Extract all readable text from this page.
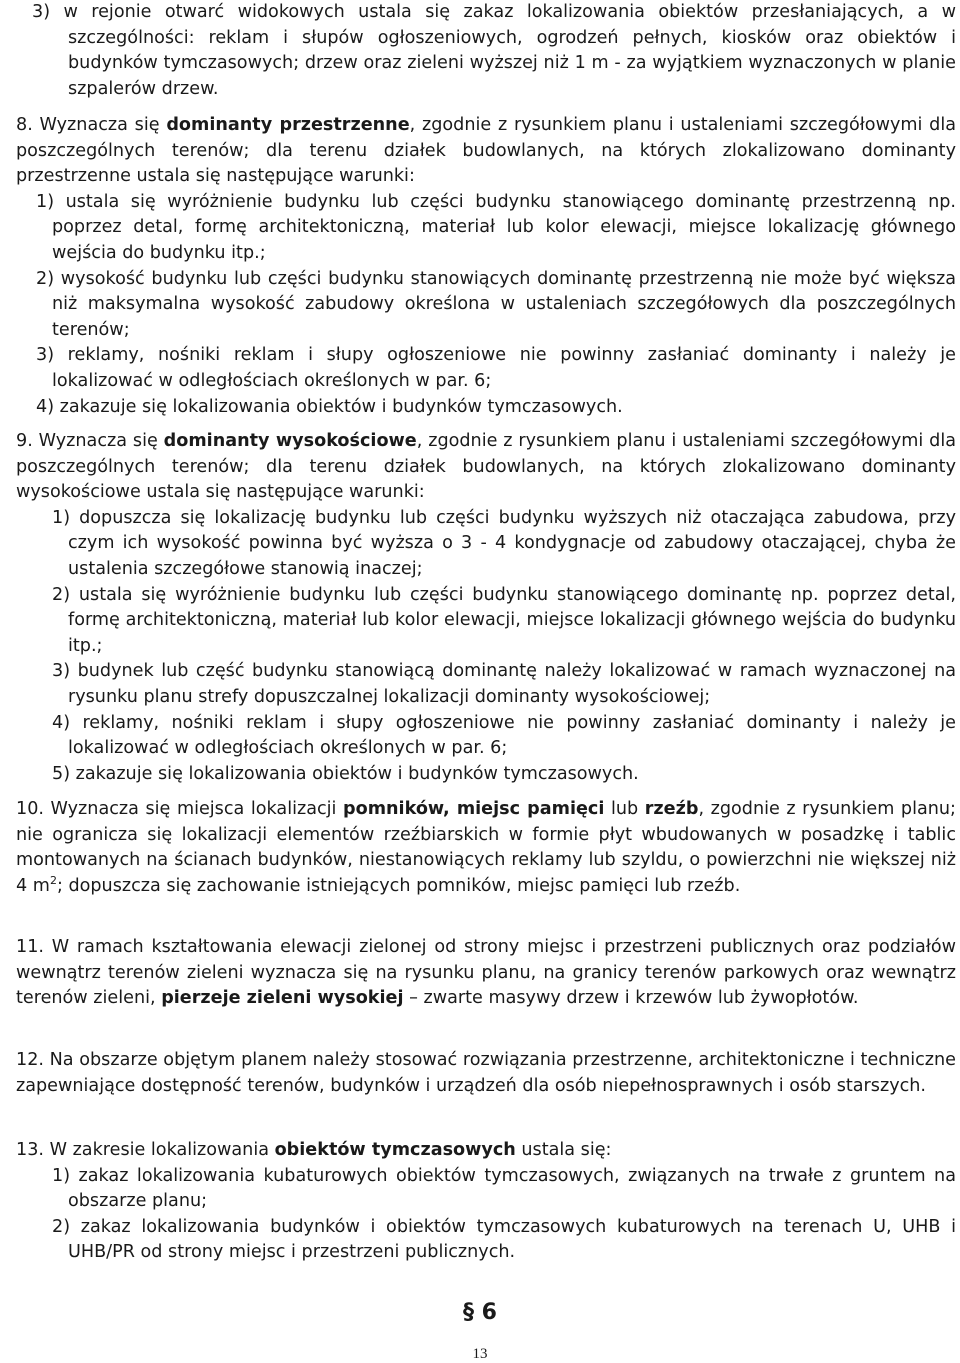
3) w rejonie otwarć widokowych ustala się zakaz lokalizowania obiektów przesłaniających, a w szczególności: reklam i słupów ogłoszeniowych, ogrodzeń pełnych, kiosków oraz obiektów i budynków tymczasowych; drzew oraz zieleni wyższej niż 1 m - za wyjątkiem wyznaczonych w planie szpalerów drzew.
8. Wyznacza się dominanty przestrzenne, zgodnie z rysunkiem planu i ustaleniami szczegółowymi dla poszczególnych terenów; dla terenu działek budowlanych, na których zlokalizowano dominanty przestrzenne ustala się następujące warunki:
1) ustala się wyróżnienie budynku lub części budynku stanowiącego dominantę przestrzenną np. poprzez detal, formę architektoniczną, materiał lub kolor elewacji, miejsce lokalizację głównego wejścia do budynku itp.;
2) wysokość budynku lub części budynku stanowiących dominantę przestrzenną nie może być większa niż maksymalna wysokość zabudowy określona w ustaleniach szczegółowych dla poszczególnych terenów;
3) reklamy, nośniki reklam i słupy ogłoszeniowe nie powinny zasłaniać dominanty i należy je lokalizować w odległościach określonych w par. 6;
4) zakazuje się lokalizowania obiektów i budynków tymczasowych.
9. Wyznacza się dominanty wysokościowe, zgodnie z rysunkiem planu i ustaleniami szczegółowymi dla poszczególnych terenów; dla terenu działek budowlanych, na których zlokalizowano dominanty wysokościowe ustala się następujące warunki:
1) dopuszcza się lokalizację budynku lub części budynku wyższych niż otaczająca zabudowa, przy czym ich wysokość powinna być wyższa o 3 - 4 kondygnacje od zabudowy otaczającej, chyba że ustalenia szczegółowe stanowią inaczej;
2) ustala się wyróżnienie budynku lub części budynku stanowiącego dominantę np. poprzez detal, formę architektoniczną, materiał lub kolor elewacji, miejsce lokalizacji głównego wejścia do budynku itp.;
3) budynek lub część budynku stanowiącą dominantę należy lokalizować w ramach wyznaczonej na rysunku planu strefy dopuszczalnej lokalizacji dominanty wysokościowej;
4) reklamy, nośniki reklam i słupy ogłoszeniowe nie powinny zasłaniać dominanty i należy je lokalizować w odległościach określonych w par. 6;
5) zakazuje się lokalizowania obiektów i budynków tymczasowych.
10. Wyznacza się miejsca lokalizacji pomników, miejsc pamięci lub rzeźb, zgodnie z rysunkiem planu; nie ogranicza się lokalizacji elementów rzeźbiarskich w formie płyt wbudowanych w posadzkę i tablic montowanych na ścianach budynków, niestanowiących reklamy lub szyldu, o powierzchni nie większej niż 4 $m^2$; dopuszcza się zachowanie istniejących pomników, miejsc pamięci lub rzeźb.
11. W ramach kształtowania elewacji zielonej od strony miejsc i przestrzeni publicznych oraz podziałów wewnątrz terenów zieleni wyznacza się na rysunku planu, na granicy terenów parkowych oraz wewnątrz terenów zieleni, pierzeje zieleni wysokiej – zwarte masywy drzew i krzewów lub żywopłotów.
12. Na obszarze objętym planem należy stosować rozwiązania przestrzenne, architektoniczne i techniczne zapewniające dostępność terenów, budynków i urządzeń dla osób niepełnosprawnych i osób starszych.
13. W zakresie lokalizowania obiektów tymczasowych ustala się:
1) zakaz lokalizowania kubaturowych obiektów tymczasowych, związanych na trwałe z gruntem na obszarze planu;
2) zakaz lokalizowania budynków i obiektów tymczasowych kubaturowych na terenach U, UHB i UHB/PR od strony miejsc i przestrzeni publicznych.
§ 6
13
